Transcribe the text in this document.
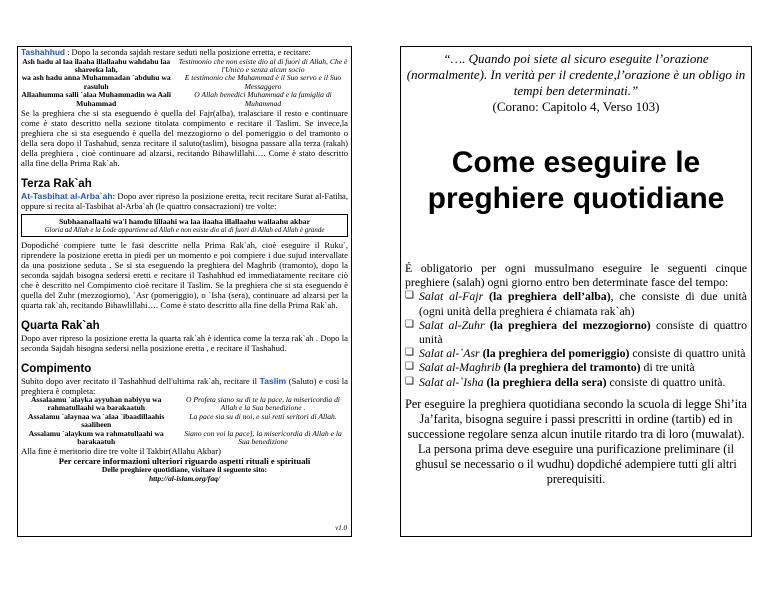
Tashahhud : Dopo la seconda sajdah restare seduti nella posizione erretta, e recitare:
Ash hadu al laa ilaaha illallaahu wahdahu laa shareeka lah,
Testimonio che non esiste dio al di fuori di Allah, Che è l'Unico e senza alcun socio
wa ash hadu anna Muhammadan `abduhu wa rasuluh
E testimonio che Muhammad è il Suo servo e il Suo Messaggero
Allaahumma salli `alaa Muhammadin wa Aali Muhammad
O Allah benedici Muhammad e la famiglia di Muhammad

Se la preghiera che si sta eseguendo è quella del Fajr(alba), tralasciare il resto e continuare come è stato descritto nella sezione titolata compimento e recitare il Taslim. Se invece,la preghiera che si sta eseguendo è quella del mezzogiorno o del pomeriggio o del tramonto o della sera dopo il Tashahud, senza recitare il saluto(taslim), bisogna passare alla terza (rakah) della preghiera , cioè continuare ad alzarsi, recitando Bihawlillahi…. Come è stato descritto alla fine della Prima Rak`ah.

Terza Rak`ah

At-Tasbihat al-Arba`ah: Dopo aver ripreso la posizione eretta, recit recitare Surat al-Fatiha, oppure si recita al-Tasbihat al-Arba`ah (le quattro consacrazioni) tre volte:

Subhaanallaahi wa'l hamdu lillaahi wa laa ilaaha illallaahu wallaahu akbar
Gloria ad Allah e la Lode appartiene ad Allah e non esiste dio al di fuori di Allah ed Allah è grande

Dopodiché compiere tutte le fasi descritte nella Prima Rak`ah, cioè eseguire il Ruku`, riprendere la posizione eretta in piedi per un momento e poi compiere i due sujud intervallate da una posizione seduta . Se si sta eseguendo la preghiera del Maghrib (tramonto), dopo la seconda sajdah bisogna sedersi eretti e recitare il Tashahhud ed immediatamente recitare ciò che è descritto nel Compimento cioè recitare il Taslim. Se la preghiera che si sta eseguendo è quella del Zuhr (mezzogiorno), `Asr (pomeriggio), o `Isha (sera), continuare ad alzarsi per la quarta rak`ah, recitando Bihawlillahi…. Come è stato descritto alla fine della Prima Rak`ah.

Quarta Rak`ah

Dopo aver ripreso la posizione eretta la quarta rak`ah è identica come la terza rak`ah . Dopo la seconda Sajdah bisogna sedersi nella posizione eretta , e recitare il Tashahud.

Compimento

Subito dopo aver recitato il Tashahhud dell'ultima rak`ah, recitare il Taslim (Saluto) e così la preghiera è completa:

Assalaamu `alayka ayyuhan nabiyyu wa rahmatullaahi wa barakaatuh
O Profeta siano su di te la pace, la misericordia di Allah e la Sua benedizione .
Assalamu `alaynaa wa `alaa `ibaadillaahis saaliheen
La pace sia su di noi, e sui retti seritori di Allah.
Assalamu `alaykum wa rahmatullaahi wa barakaatuh
Siano con voi la pace], la misericordia di Allah e la Sua benedizione

Alla fine è meritorio dire tre volte il Takbir(Allahu Akbar)

Per cercare informazioni ulteriori riguardo aspetti rituali e spirituali
Delle preghiere quotidiane, visitare il seguente sito:
http://al-islam.org/faq/
v1.0
“…. Quando poi siete al sicuro eseguite l’orazione (normalmente). In verità per il credente,l’orazione è un obligo in tempi ben determinati.”
(Corano: Capitolo 4, Verso 103)
Come eseguire le preghiere quotidiane

É obligatorio per ogni mussulmano eseguire le seguenti cinque preghiere (salah) ogni giorno entro ben determinate fasce del tempo:

❏ Salat al-Fajr (la preghiera dell’alba), che consiste di due unità (ogni unità della preghiera é chiamata rak`ah)
❏ Salat al-Zuhr (la preghiera del mezzogiorno) consiste di quattro unità
❏ Salat al-`Asr (la preghiera del pomeriggio) consiste di quattro unità
❏ Salat al-Maghrib (la preghiera del tramonto) di tre unità
❏ Salat al-`Isha (la preghiera della sera) consiste di quattro unità.
Per eseguire la preghiera quotidiana secondo la scuola di legge Shi’ita Ja’farita, bisogna seguire i passi prescritti in ordine (tartib) ed in successione regolare senza alcun inutile ritardo tra di loro (muwalat). La persona prima deve eseguire una purificazione preliminare (il ghusul se necessario o il wudhu) dopdiché adempiere tutti gli altri prerequisiti.
